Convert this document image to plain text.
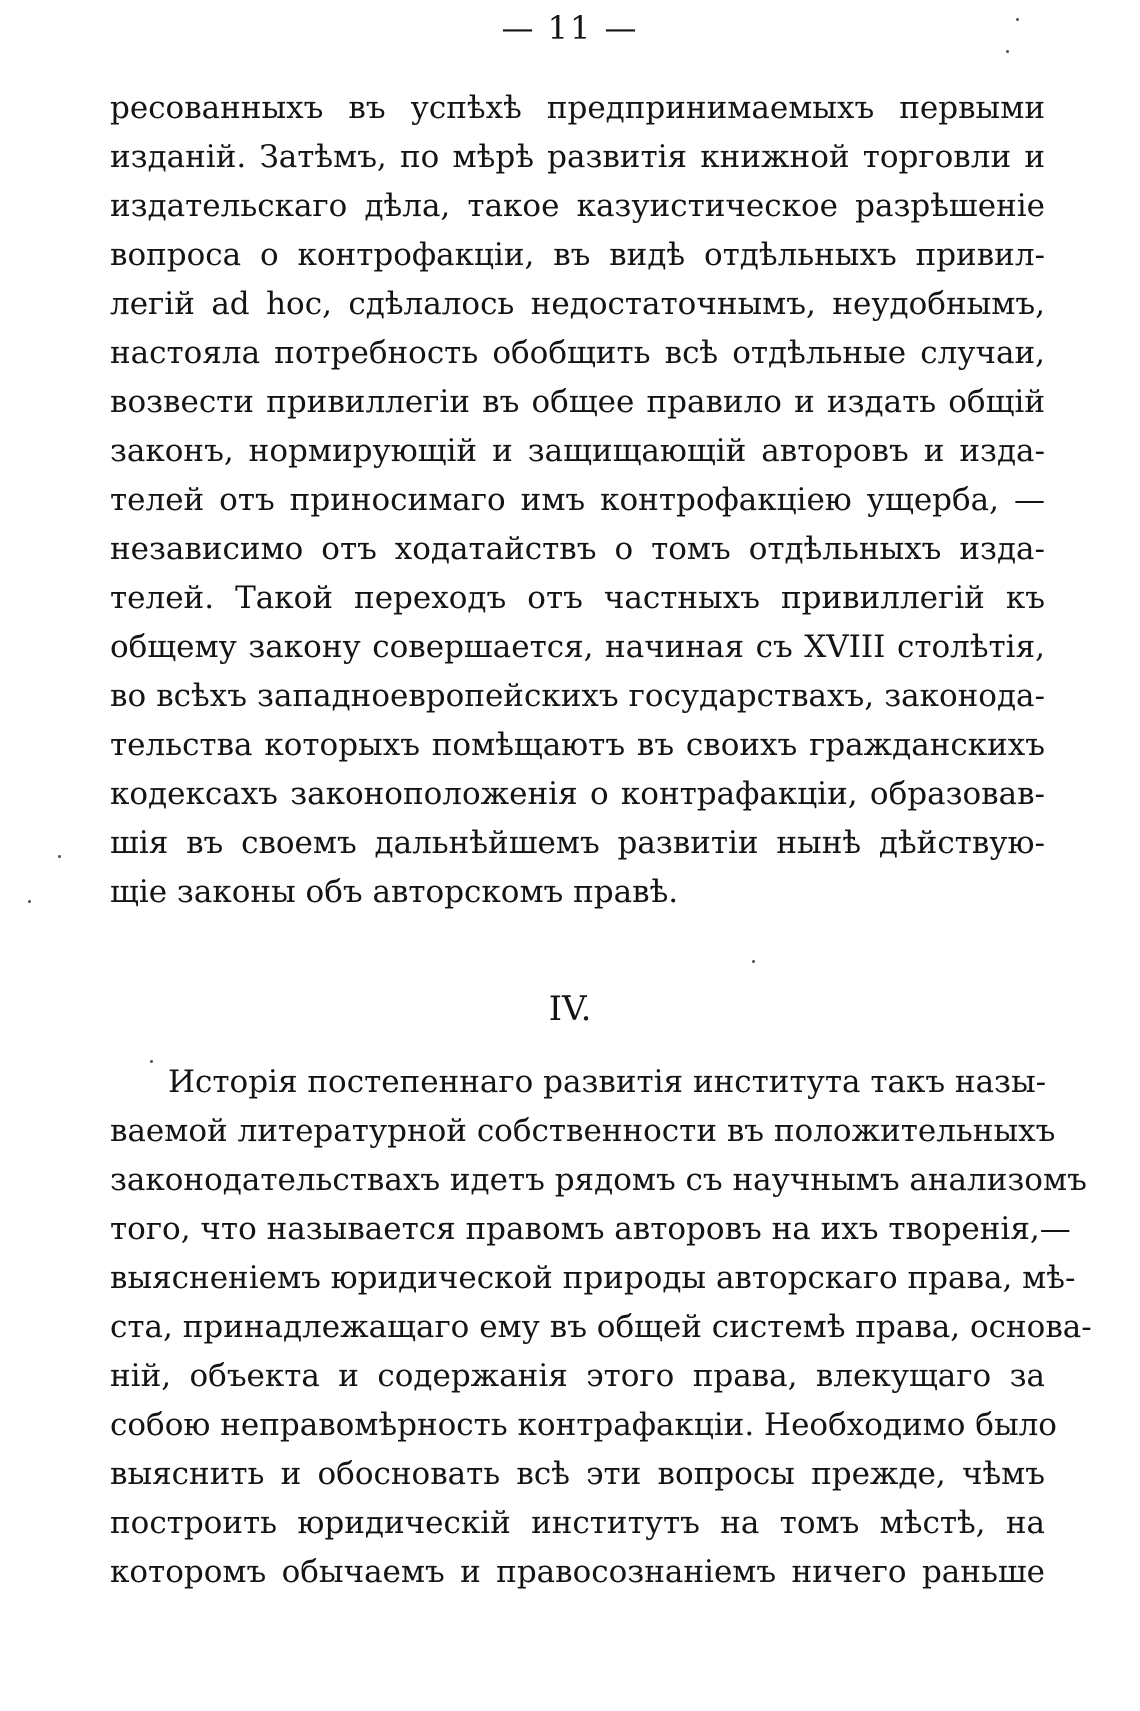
— 11 —
ресованныхъ въ успѣхѣ предпринимаемыхъ первыми
изданій. Затѣмъ, по мѣрѣ развитія книжной торговли и
издательскаго дѣла, такое казуистическое разрѣшеніе
вопроса о контрофакціи, въ видѣ отдѣльныхъ привил-
легій ad hoc, сдѣлалось недостаточнымъ, неудобнымъ,
настояла потребность обобщить всѣ отдѣльные случаи,
возвести привиллегіи въ общее правило и издать общій
законъ, нормирующій и защищающій авторовъ и изда-
телей отъ приносимаго имъ контрофакціею ущерба, —
независимо отъ ходатайствъ о томъ отдѣльныхъ изда-
телей. Такой переходъ отъ частныхъ привиллегій къ
общему закону совершается, начиная съ XVIII столѣтія,
во всѣхъ западноевропейскихъ государствахъ, законода-
тельства которыхъ помѣщаютъ въ своихъ гражданскихъ
кодексахъ законоположенія о контрафакціи, образовав-
шія въ своемъ дальнѣйшемъ развитіи нынѣ дѣйствую-
щіе законы объ авторскомъ правѣ.
IV.
Исторія постепеннаго развитія института такъ назы-
ваемой литературной собственности въ положительныхъ
законодательствахъ идетъ рядомъ съ научнымъ анализомъ
того, что называется правомъ авторовъ на ихъ творенія,—
выясненіемъ юридической природы авторскаго права, мѣ-
ста, принадлежащаго ему въ общей системѣ права, основа-
ній, объекта и содержанія этого права, влекущаго за
собою неправомѣрность контрафакціи. Необходимо было
выяснить и обосновать всѣ эти вопросы прежде, чѣмъ
построить юридическій институтъ на томъ мѣстѣ, на
которомъ обычаемъ и правосознаніемъ ничего раньше
